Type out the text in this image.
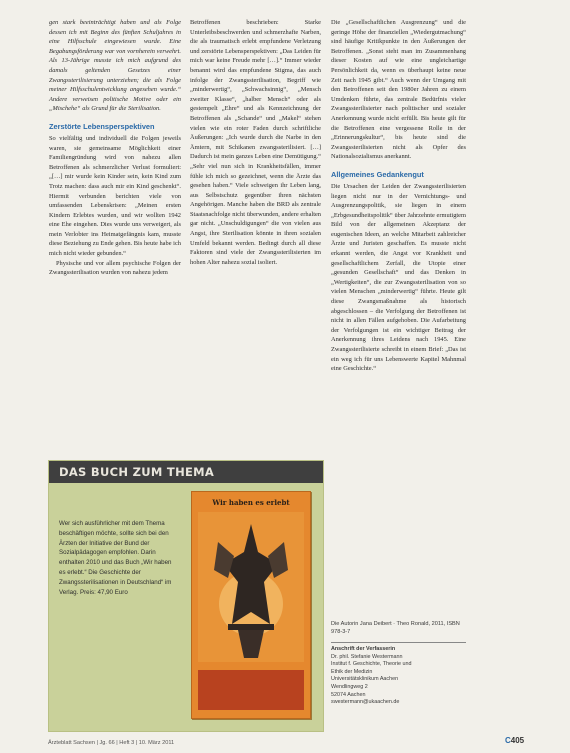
gen stark beeinträchtigt haben und als Folge dessen ich mit Beginn des fünften Schuljahres in eine Hilfsschule eingewiesen wurde. Eine Begabungsförderung war von vornherein verwehrt. Als 13-Jährige musste ich mich aufgrund des damals geltenden Gesetzes einer Zwangssterilisierung unterziehen; die als Folge meiner Hilfsschulentwicklung angesehen wurde.“ Andere verweisen politische Motive oder ein „Mischehe“ als Grund für die Sterilisation.

Zerstörte Lebensperspektiven

So vielfältig und individuell die Folgen jeweils waren, sie gemeinsame Möglichkeit einer Familiengründung wird von nahezu allen Betroffenen als schmerzlicher Verlust formuliert: „[…] mir wurde kein Kinder sein, kein Kind zum Trotz machen: dass auch mir ein Kind geschenkt“. Hiermit verbunden berichten viele von umfassenden Lebenskrisen: „Meinen ersten Kindern Erlebtes wurden, und wir wollten 1942 eine Ehe eingehen. Dies wurde uns verweigert, als mein Verlobter ins Heimatgefängnis kam, musste diese Beziehung zu Ende gehen. Bis heute habe ich mich nicht wieder gebunden.“

Physische und vor allem psychische Folgen der Zwangssterilisation wurden von nahezu jedem

Betroffenen beschrieben: Starke Unterleibsbeschwerden und schmerzhafte Narben, die als traumatisch erlebt empfundene Verletzung und zerstörte Lebensperspektiven: „Das Leiden für mich war keine Freude mehr […].“ Immer wieder benannt wird das empfundene Stigma, das auch infolge der Zwangssterilisation, Begriff wie „minderwertig“, „Schwachsinnig“, „Mensch zweiter Klasse“, „halber Mensch“ oder als gestempelt „Ehre“ und als Kennzeichnung der Betroffenen als „Schande“ und „Makel“ stehen vielen wie ein roter Faden durch schriftliche Äußerungen: „Ich wurde durch die Narbe in den Ämtern, mit Schikanen zwangssterilisiert. […] Dadurch ist mein ganzes Leben eine Demütigung.“ „Sehr viel nun sich in Krankheitsfällen, immer fühle ich mich so gezeichnet, wenn die Ärzte das gesehen haben.“ Viele schweigen ihr Leben lang, aus Selbstschutz gegenüber ihren nächsten Angehörigen. Manche haben die BRD als zentrale Staatsnachfolge nicht überwunden, andere erhalten gar nicht. „Unschuldigungen“ die von vielen aus Angst, ihre Sterilisation könnte in ihren sozialen Umfeld bekannt werden. Bedingt durch all diese Faktoren sind viele der Zwangssterilisierten im hohen Alter nahezu sozial isoliert.

Die „Gesellschaftlichen Ausgrenzung“ und die geringe Höhe der finanziellen „Wiedergutmachung“ sind häufige Kritikpunkte in den Äußerungen der Betroffenen. „Sonst steht man im Zusammenhang dieser Kosten auf wie eine ungleichartige Persönlichkeit da, wenn es überhaupt keine neue Zeit nach 1945 gibt.“ Auch wenn der Umgang mit den Betroffenen seit den 1980er Jahren zu einem Umdenken führte, das zentrale Bedürfnis vieler Zwangssterilisierter nach politischer und sozialer Anerkennung wurde nicht erfüllt. Bis heute gilt für die Betroffenen eine vergessene Rolle in der „Erinnerungskultur“, bis heute sind die Zwangssterilisierten nicht als Opfer des Nationalsozialismus anerkannt.

Allgemeines Gedankengut

Die Ursachen der Leiden der Zwangssterilisierten liegen nicht nur in der Vernichtungs- und Ausgrenzungspolitik, sie liegen in einem „Erbgesundheitspolitik“ über Jahrzehnte ermutigtem Bild von der allgemeinen Akzeptanz der eugenischen Ideen, an welche Mitarbeit zahlreicher Ärzte und Juristen geschaffen. Es musste nicht erkannt werden, die Angst vor Krankheit und gesellschaftlichem Zerfall, die Utopie einer „gesunden Gesellschaft“ und das Denken in „Wertigkeiten“, die zur Zwangssterilisation von so vielen Menschen „minderwertig“ führte. Heute gilt diese Zwangsmaßnahme als historisch abgeschlossen – die Verfolgung der Betroffenen ist nicht in allen Fällen aufgehoben. Die Aufarbeitung der Verfolgungen ist ein wichtiger Beitrag der Anerkennung ihres Leidens nach 1945. Eine Zwangssterilisierte schreibt in einem Brief: „Das ist ein weg ich für uns Lebenswerte Kapitel Mahnmal eine Geschichte.“

DAS BUCH ZUM THEMA
Wer sich ausführlicher mit dem Thema beschäftigen möchte, sollte sich bei den Ärzten der Initiative der Bund der Sozialpädagogen empfohlen. Darin enthalten 2010 und das Buch „Wir haben es erlebt.“ Die Geschichte der Zwangssterilisationen in Deutschland“ im Verlag. Preis: 47,90 Euro
Wir haben es erlebt
Die Autorin Jana Deibert · Theo Ronald, 2011, ISBN 978-3-7
Anschrift der Verfasserin
Dr. phil. Stefanie Westermann
Institut f. Geschichte, Theorie und
Ethik der Medizin
Universitätsklinikum Aachen
Wendlingweg 2
52074 Aachen
swestermann@ukaachen.de
Ärzteblatt Sachsen | Jg. 66 | Heft 3 | 10. März 2011	C405
